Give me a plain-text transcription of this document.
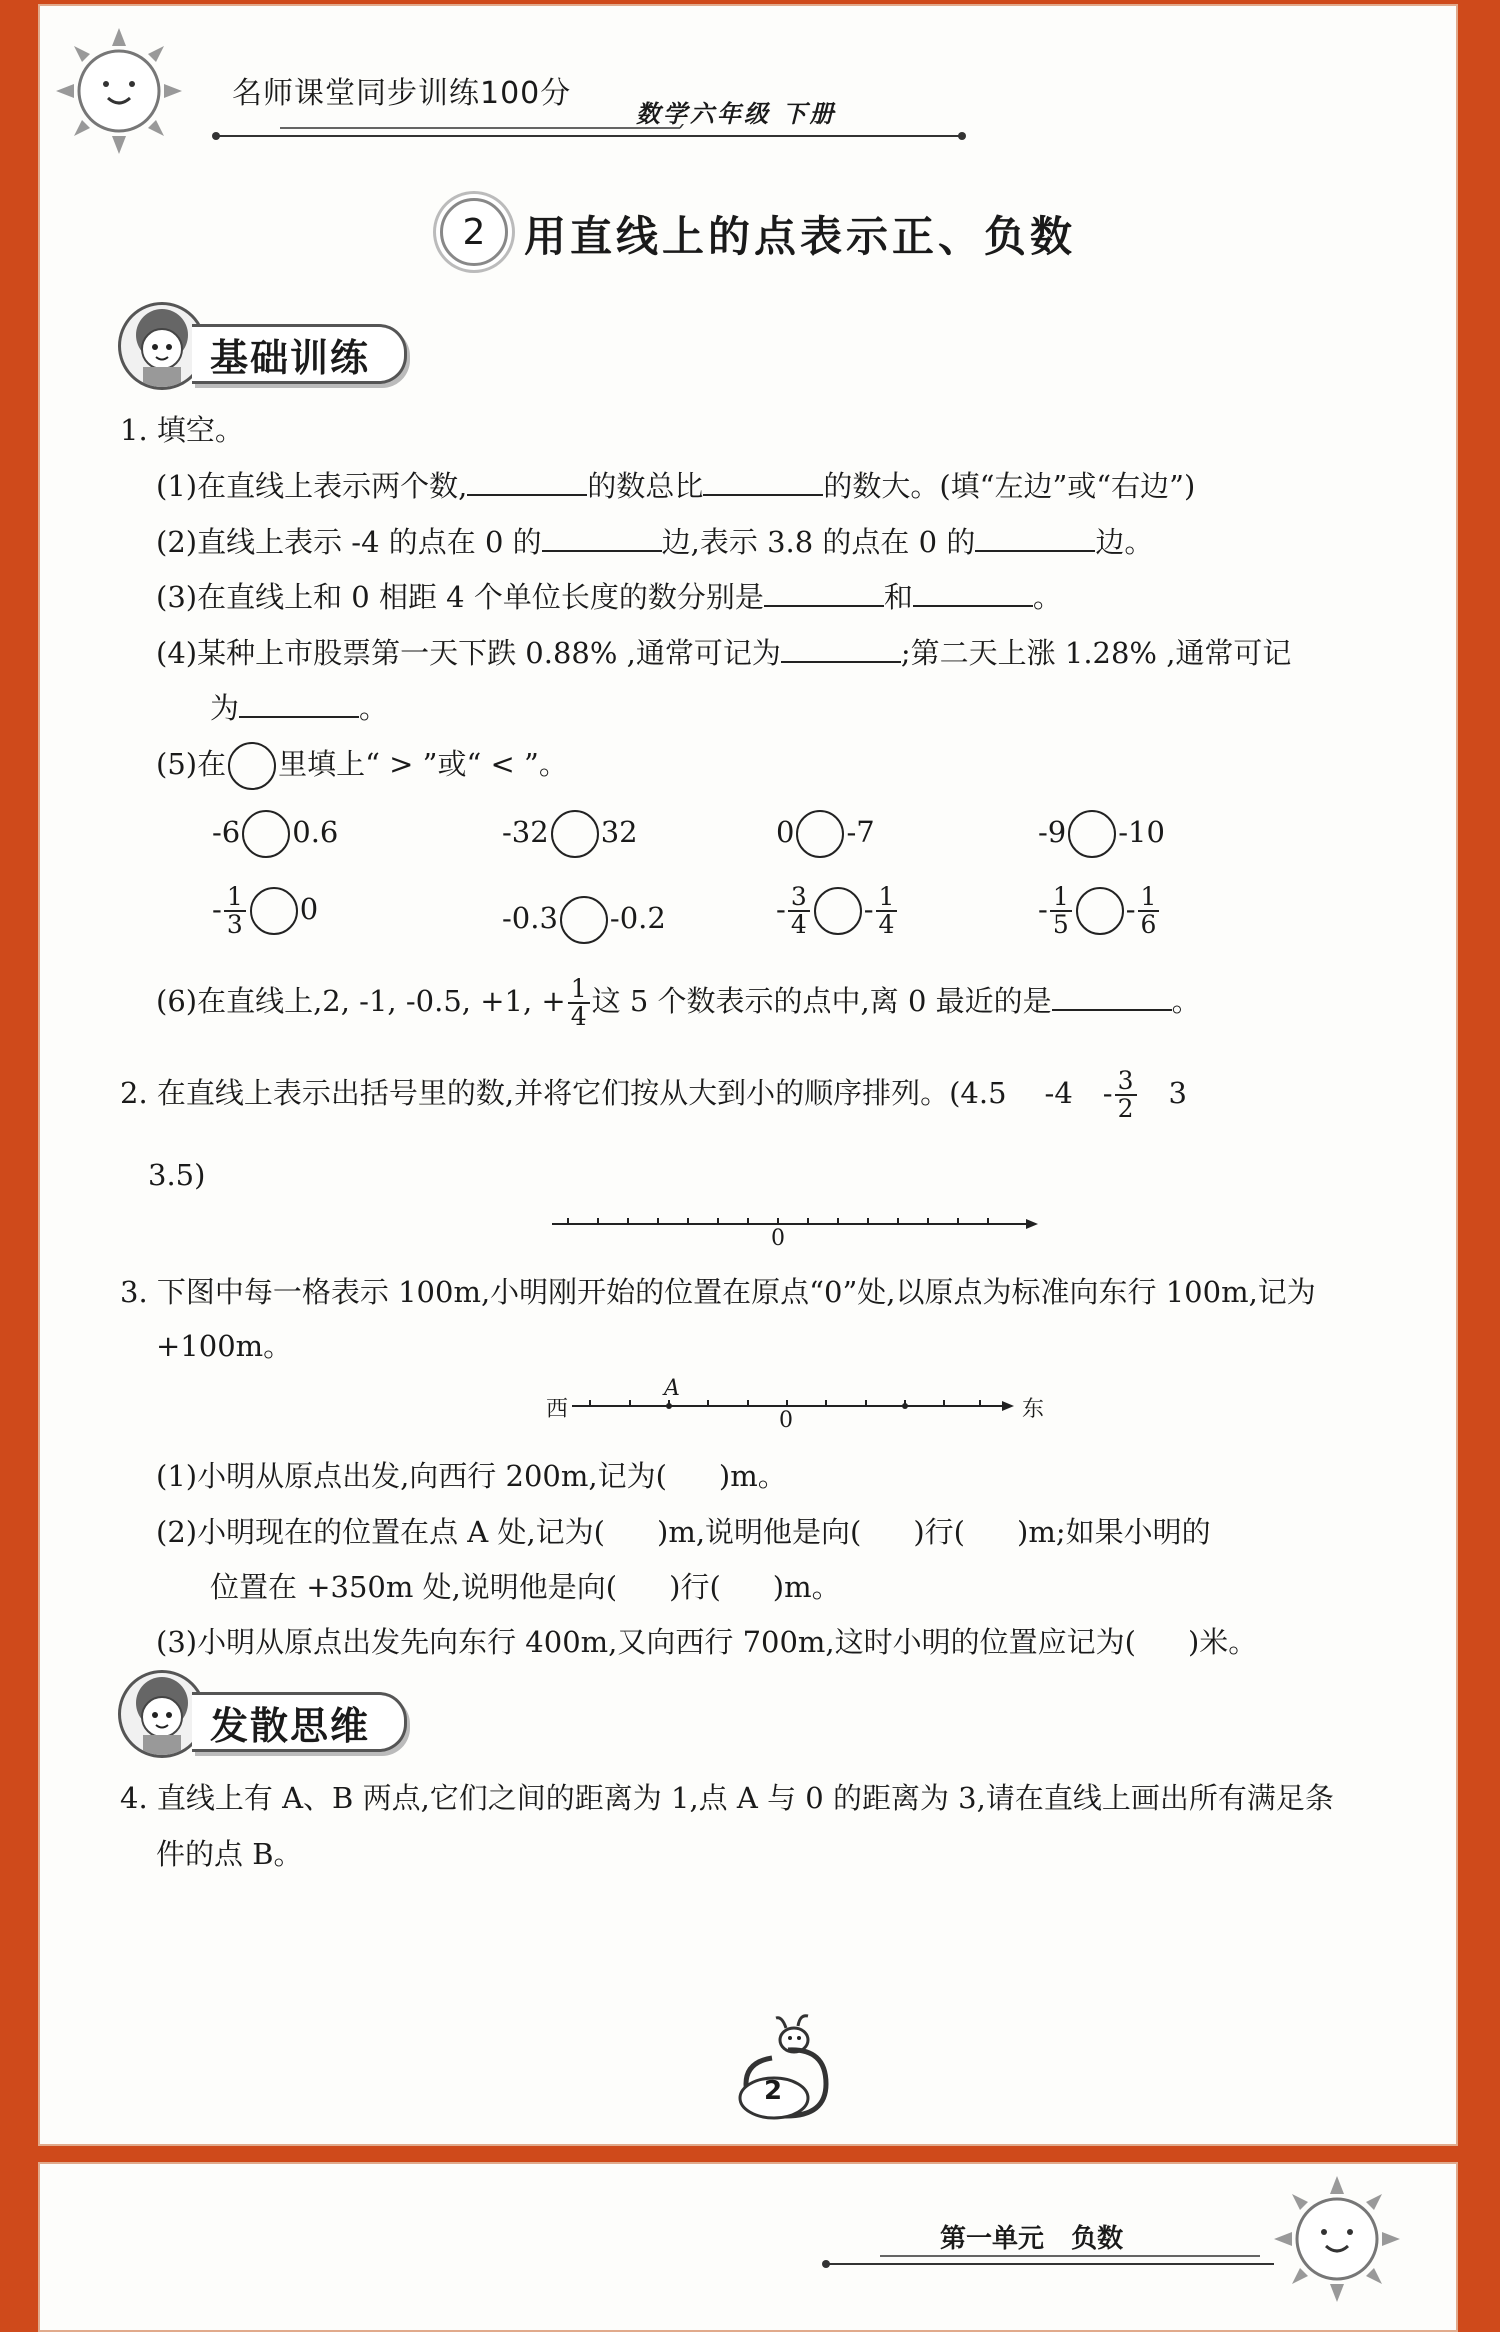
名师课堂同步训练100分
数学六年级 下册
2 用直线上的点表示正、负数
基础训练
1. 填空。
(1)在直线上表示两个数,	的数总比	的数大。(填“左边”或“右边”)
(2)直线上表示 -4 的点在 0 的	边,表示 3.8 的点在 0 的	边。
(3)在直线上和 0 相距 4 个单位长度的数分别是	和	。
(4)某种上市股票第一天下跌 0.88% ,通常可记为	;第二天上涨 1.28% ,通常可记
为	。
(5)在 里填上“ > ”或“ < ”。
-6 0.6	-32 32	0 -7	-9 -10
- $\frac{1}{3} 0$	-0.3 -0.2	- $\frac{3}{4} - \frac{1}{4}$	- $\frac{1}{5} - \frac{1}{6}$
(6)在直线上,2, -1, -0.5, +1, + $\frac{1}{4}$ 这 5 个数表示的点中,离 0 最近的是	。
2. 在直线上表示出括号里的数,并将它们按从大到小的顺序排列。(4.5 $-4 - \frac{3}{2} 3$
3.5)
0
3. 下图中每一格表示 100m,小明刚开始的位置在原点“0”处,以原点为标准向东行 100m,记为
+100m。
西
A
0	东
(1)小明从原点出发,向西行 200m,记为( )m。
(2)小明现在的位置在点 A 处,记为( )m,说明他是向( )行( )m;如果小明的
位置在 +350m 处,说明他是向( )行( )m。
(3)小明从原点出发先向东行 400m,又向西行 700m,这时小明的位置应记为( )米。
发散思维
4. 直线上有 A、B 两点,它们之间的距离为 1,点 A 与 0 的距离为 3,请在直线上画出所有满足条
件的点 B。
2
第一单元   负数
